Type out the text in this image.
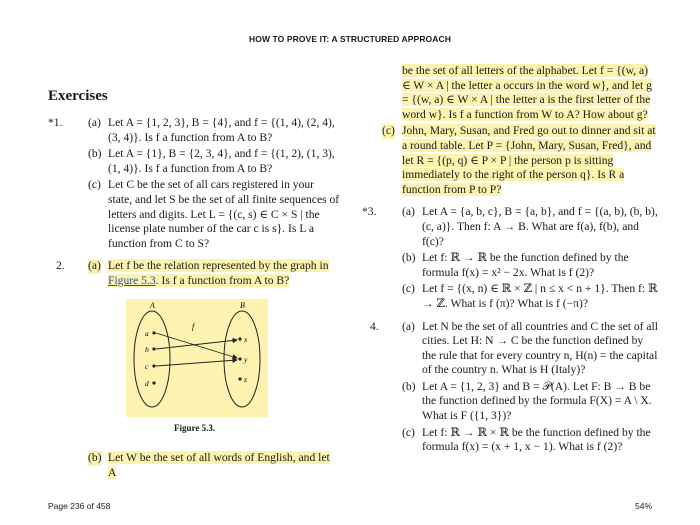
HOW TO PROVE IT: A STRUCTURED APPROACH
Exercises
*1.	(a) Let A = {1, 2, 3}, B = {4}, and f = {(1, 4), (2, 4), (3, 4)}. Is f a function from A to B?
(b) Let A = {1}, B = {2, 3, 4}, and f = {(1, 2), (1, 3), (1, 4)}. Is f a function from A to B?
(c) Let C be the set of all cars registered in your state, and let S be the set of all finite sequences of letters and digits. Let L = {(c, s) ∈ C × S | the license plate number of the car c is s}. Is L a function from C to S?
2.	(a) Let f be the relation represented by the graph in Figure 5.3. Is f a function from A to B?
A	B
f
a
b
c
d
x
y
z
Figure 5.3.
(b) Let W be the set of all words of English, and let A
be the set of all letters of the alphabet. Let f = {(w, a) ∈ W × A | the letter a occurs in the word w}, and let g = {(w, a) ∈ W × A | the letter a is the first letter of the word w}. Is f a function from W to A? How about g?
(c) John, Mary, Susan, and Fred go out to dinner and sit at a round table. Let P = {John, Mary, Susan, Fred}, and let R = {(p, q) ∈ P × P | the person p is sitting immediately to the right of the person q}. Is R a function from P to P?
*3.	(a) Let A = {a, b, c}, B = {a, b}, and f = {(a, b), (b, b), (c, a)}. Then f: A → B. What are f(a), f(b), and f(c)?
(b) Let f: ℝ → ℝ be the function defined by the formula f(x) = x² − 2x. What is f (2)?
(c) Let f = {(x, n) ∈ ℝ × ℤ | n ≤ x < n + 1}. Then f: ℝ → ℤ. What is f (π)? What is f (−π)?
4.	(a) Let N be the set of all countries and C the set of all cities. Let H: N → C be the function defined by the rule that for every country n, H(n) = the capital of the country n. What is H (Italy)?
(b) Let A = {1, 2, 3} and B = 𝒫(A). Let F: B → B be the function defined by the formula F(X) = A \ X. What is F ({1, 3})?
(c) Let f: ℝ → ℝ × ℝ be the function defined by the formula f(x) = (x + 1, x − 1). What is f (2)?
Page 236 of 458	54%
